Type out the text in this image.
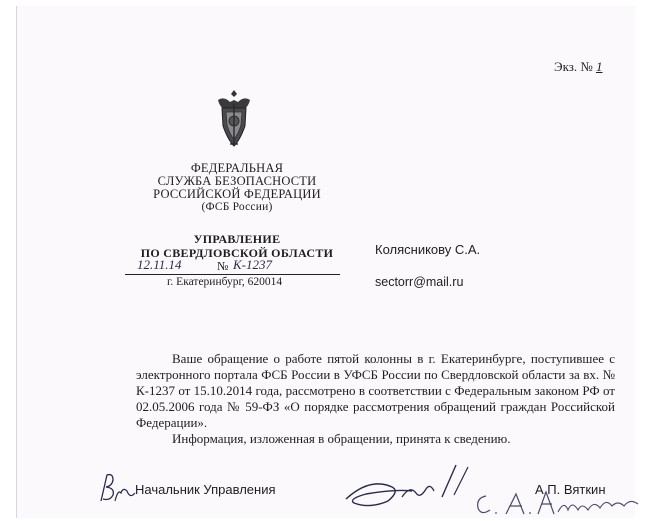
Экз. № 1
ФЕДЕРАЛЬНАЯ
СЛУЖБА БЕЗОПАСНОСТИ
РОССИЙСКОЙ ФЕДЕРАЦИИ
(ФСБ России)
УПРАВЛЕНИЕ
ПО СВЕРДЛОВСКОЙ ОБЛАСТИ
12.11.14	№ К-1237
г. Екатеринбург, 620014
Колясникову С.А.
sectorr@mail.ru
Ваше обращение о работе пятой колонны в г. Екатеринбурге, поступившее с электронного портала ФСБ России в УФСБ России по Свердловской области за вх. № К-1237 от 15.10.2014 года, рассмотрено в соответствии с Федеральным законом РФ от 02.05.2006 года № 59-ФЗ «О порядке рассмотрения обращений граждан Российской Федерации».
Информация, изложенная в обращении, принята к сведению.
Начальник Управления	А.П. Вяткин
